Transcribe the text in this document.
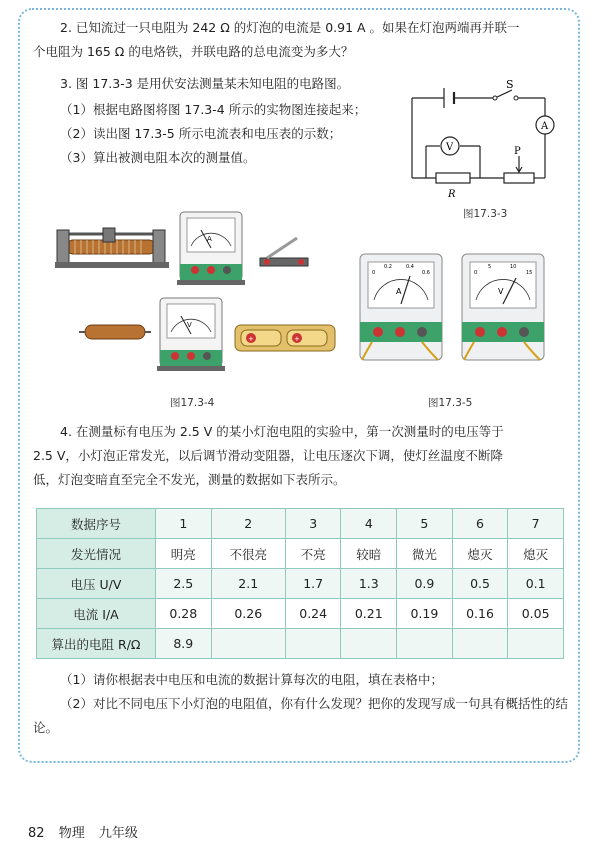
2. 已知流过一只电阻为 242 Ω 的灯泡的电流是 0.91 A 。如果在灯泡两端再并联一
个电阻为 165 Ω 的电烙铁，并联电路的总电流变为多大？
3. 图 17.3-3 是用伏安法测量某未知电阻的电路图。
（1）根据电路图将图 17.3-4 所示的实物图连接起来；
（2）读出图 17.3-5 所示电流表和电压表的示数；
（3）算出被测电阻本次的测量值。
S
A
V	P
R
图17.3-3
A
V
+	+
图17.3-4
0
0.2	0.4
0.6
A
0
5	10
15
V
图17.3-5
4. 在测量标有电压为 2.5 V 的某小灯泡电阻的实验中，第一次测量时的电压等于
2.5 V，小灯泡正常发光，以后调节滑动变阻器，让电压逐次下调，使灯丝温度不断降
低，灯泡变暗直至完全不发光，测量的数据如下表所示。
数据序号	1	2	3	4	5	6	7
发光情况	明亮	不很亮	不亮	较暗	微光	熄灭	熄灭
电压 U/V	2.5	2.1	1.7	1.3	0.9	0.5	0.1
电流 I/A	0.28	0.26	0.24	0.21	0.19	0.16	0.05
算出的电阻 R/Ω	8.9						
（1）请你根据表中电压和电流的数据计算每次的电阻，填在表格中；
（2）对比不同电压下小灯泡的电阻值，你有什么发现？把你的发现写成一句具有概括性的结论。
82 物理 九年级
